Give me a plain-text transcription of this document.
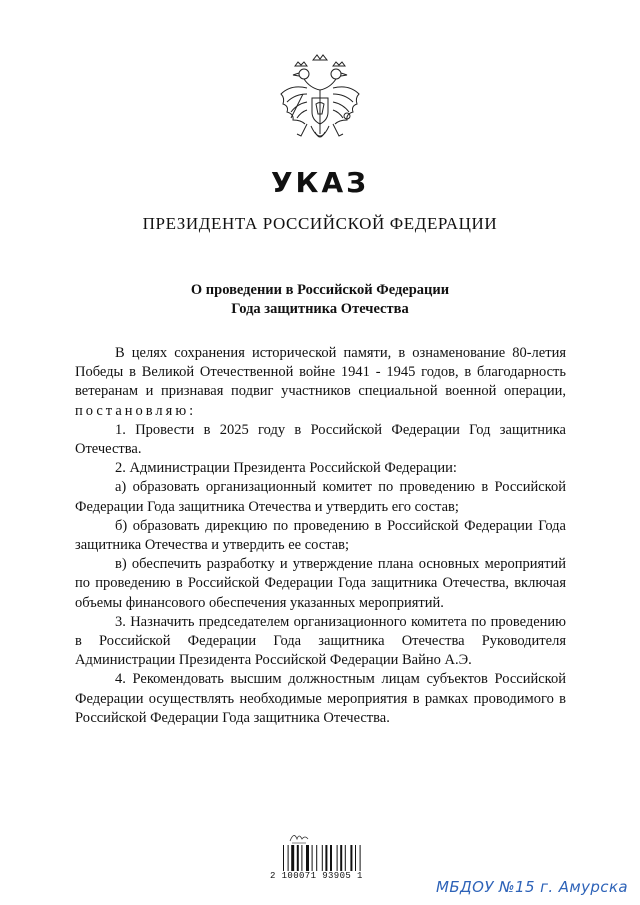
УКАЗ
ПРЕЗИДЕНТА РОССИЙСКОЙ ФЕДЕРАЦИИ
О проведении в Российской Федерации
Года защитника Отечества

В целях сохранения исторической памяти, в ознаменование 80-летия Победы в Великой Отечественной войне 1941 - 1945 годов, в благодарность ветеранам и признавая подвиг участников специальной военной операции, постановляю:

1. Провести в 2025 году в Российской Федерации Год защитника Отечества.

2. Администрации Президента Российской Федерации:

а) образовать организационный комитет по проведению в Российской Федерации Года защитника Отечества и утвердить его состав;

б) образовать дирекцию по проведению в Российской Федерации Года защитника Отечества и утвердить ее состав;

в) обеспечить разработку и утверждение плана основных мероприятий по проведению в Российской Федерации Года защитника Отечества, включая объемы финансового обеспечения указанных мероприятий.

3. Назначить председателем организационного комитета по проведению в Российской Федерации Года защитника Отечества Руководителя Администрации Президента Российской Федерации Вайно А.Э.

4. Рекомендовать высшим должностным лицам субъектов Российской Федерации осуществлять необходимые мероприятия в рамках проводимого в Российской Федерации Года защитника Отечества.

2 100071 93905 1
МБДОУ №15 г. Амурска
